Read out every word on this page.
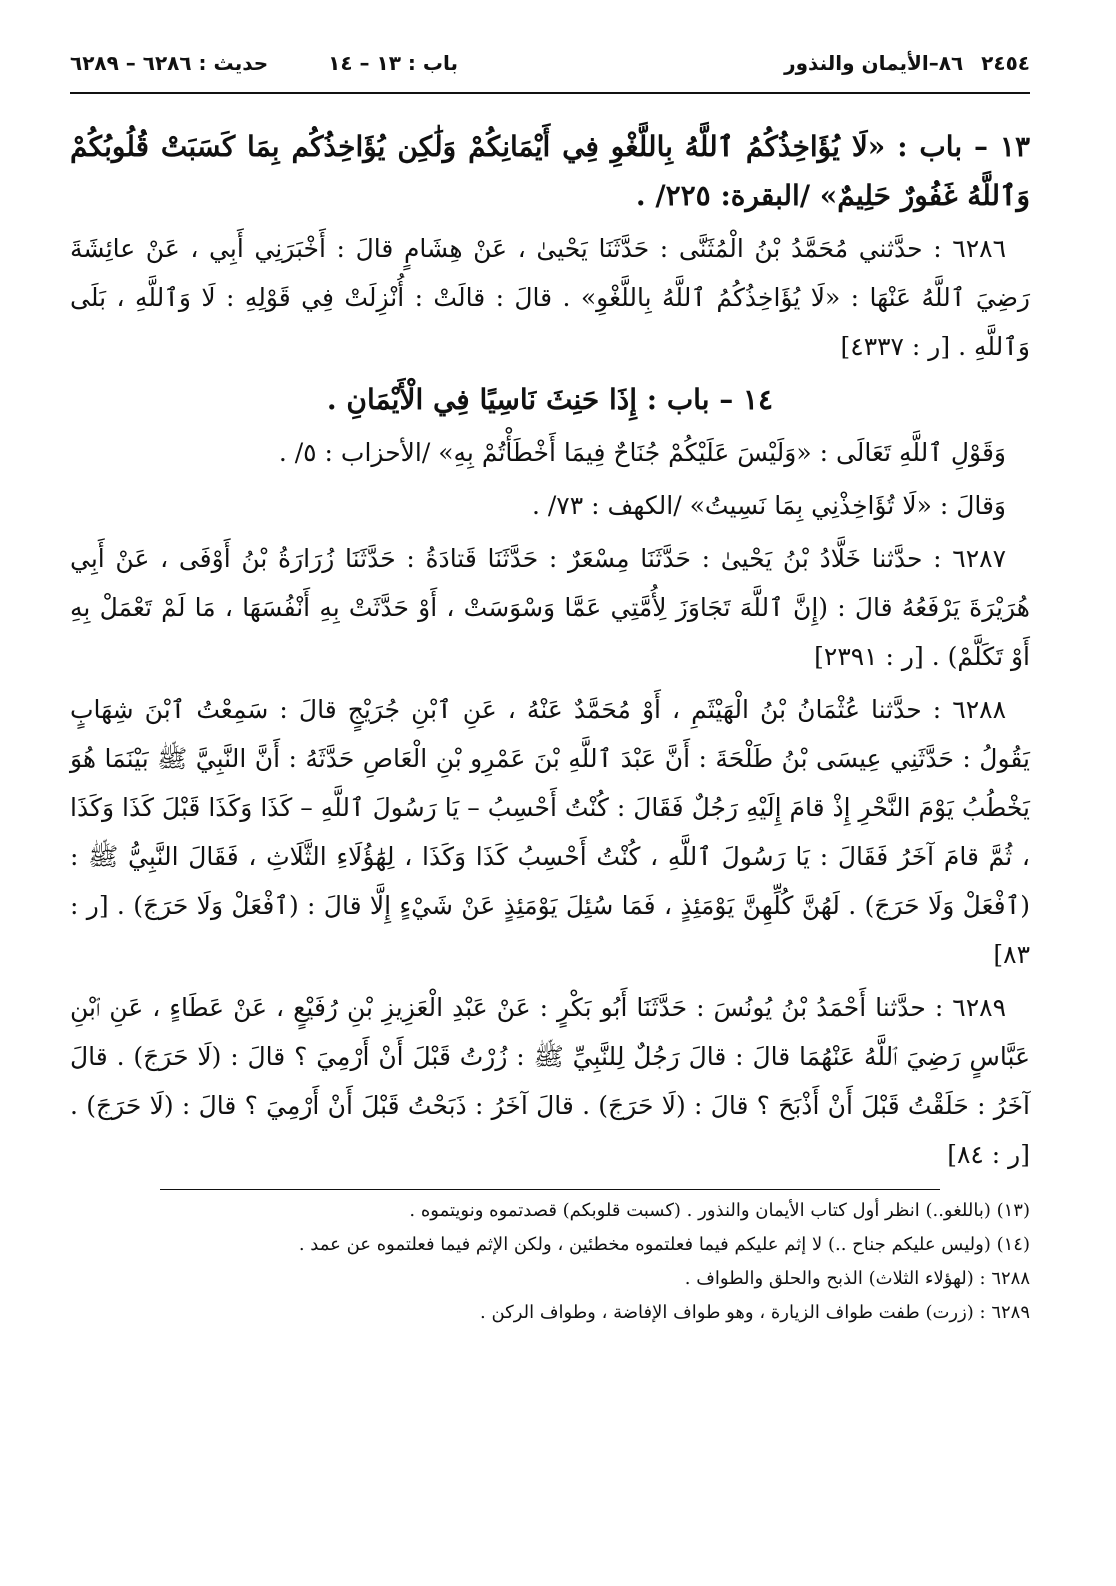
٢٤٥٤
٨٦–الأيمان والنذور
باب : ١٣ – ١٤
حديث : ٦٢٨٦ – ٦٢٨٩

١٣ – باب : «لَا يُؤَاخِذُكُمُ ٱللَّهُ بِاللَّغْوِ فِي أَيْمَانِكُمْ وَلَٰكِن يُؤَاخِذُكُم بِمَا كَسَبَتْ قُلُوبُكُمْ وَٱللَّهُ غَفُورٌ حَلِيمٌ» /البقرة: ٢٢٥/ .

٦٢٨٦ : حدَّثني مُحَمَّدُ بْنُ الْمُثَنَّى : حَدَّثَنَا يَحْيىٰ ، عَنْ هِشَامٍ قالَ : أَخْبَرَنِي أَبِي ، عَنْ عائِشَةَ رَضِيَ ٱللَّهُ عَنْهَا : «لَا يُؤَاخِذُكُمُ ٱللَّهُ بِاللَّغْوِ» . قالَ : قالَتْ : أُنْزِلَتْ فِي قَوْلِهِ : لَا وَٱللَّهِ ، بَلَى وَٱللَّهِ . [ر : ٤٣٣٧]

١٤ – باب : إِذَا حَنِثَ نَاسِيًا فِي الْأَيْمَانِ .

وَقَوْلِ ٱللَّهِ تَعَالَى : «وَلَيْسَ عَلَيْكُمْ جُنَاحٌ فِيمَا أَخْطَأْتُمْ بِهِ» /الأحزاب : ٥/ .

وَقالَ : «لَا تُؤَاخِذْنِي بِمَا نَسِيتُ» /الكهف : ٧٣/ .

٦٢٨٧ : حدَّثنا خَلَّادُ بْنُ يَحْيىٰ : حَدَّثَنَا مِسْعَرٌ : حَدَّثَنَا قَتادَةُ : حَدَّثَنَا زُرَارَةُ بْنُ أَوْفَى ، عَنْ أَبِي هُرَيْرَةَ يَرْفَعُهُ قالَ : (إِنَّ ٱللَّهَ تَجَاوَزَ لِأُمَّتِي عَمَّا وَسْوَسَتْ ، أَوْ حَدَّثَتْ بِهِ أَنْفُسَهَا ، مَا لَمْ تَعْمَلْ بِهِ أَوْ تَكَلَّمْ) . [ر : ٢٣٩١]

٦٢٨٨ : حدَّثنا عُثْمَانُ بْنُ الْهَيْثَمِ ، أَوْ مُحَمَّدٌ عَنْهُ ، عَنِ ٱبْنِ جُرَيْجٍ قالَ : سَمِعْتُ ٱبْنَ شِهَابٍ يَقُولُ : حَدَّثَنِي عِيسَى بْنُ طَلْحَةَ : أَنَّ عَبْدَ ٱللَّهِ بْنَ عَمْرِو بْنِ الْعَاصِ حَدَّثَهُ : أَنَّ النَّبِيَّ ﷺ بَيْنَمَا هُوَ يَخْطُبُ يَوْمَ النَّحْرِ إِذْ قامَ إِلَيْهِ رَجُلٌ فَقَالَ : كُنْتُ أَحْسِبُ – يَا رَسُولَ ٱللَّهِ – كَذَا وَكَذَا قَبْلَ كَذَا وَكَذَا ، ثُمَّ قامَ آخَرُ فَقَالَ : يَا رَسُولَ ٱللَّهِ ، كُنْتُ أَحْسِبُ كَذَا وَكَذَا ، لِهَٰؤُلَاءِ الثَّلَاثِ ، فَقَالَ النَّبِيُّ ﷺ : (ٱفْعَلْ وَلَا حَرَجَ) . لَهُنَّ كُلِّهِنَّ يَوْمَئِذٍ ، فَمَا سُئِلَ يَوْمَئِذٍ عَنْ شَيْءٍ إِلَّا قالَ : (ٱفْعَلْ وَلَا حَرَجَ) . [ر : ٨٣]

٦٢٨٩ : حدَّثنا أَحْمَدُ بْنُ يُونُسَ : حَدَّثَنَا أَبُو بَكْرٍ : عَنْ عَبْدِ الْعَزِيزِ بْنِ رُفَيْعٍ ، عَنْ عَطَاءٍ ، عَنِ ٱبْنِ عَبَّاسٍ رَضِيَ ٱللَّهُ عَنْهُمَا قالَ : قالَ رَجُلٌ لِلنَّبِيِّ ﷺ : زُرْتُ قَبْلَ أَنْ أَرْمِيَ ؟ قالَ : (لَا حَرَجَ) . قالَ آخَرُ : حَلَقْتُ قَبْلَ أَنْ أَذْبَحَ ؟ قالَ : (لَا حَرَجَ) . قالَ آخَرُ : ذَبَحْتُ قَبْلَ أَنْ أَرْمِيَ ؟ قالَ : (لَا حَرَجَ) . [ر : ٨٤]

(١٣) (باللغو..) انظر أول كتاب الأيمان والنذور . (كسبت قلوبكم) قصدتموه ونويتموه .

(١٤) (وليس عليكم جناح ..) لا إثم عليكم فيما فعلتموه مخطئين ، ولكن الإثم فيما فعلتموه عن عمد .

٦٢٨٨ : (لهؤلاء الثلاث) الذبح والحلق والطواف .

٦٢٨٩ : (زرت) طفت طواف الزيارة ، وهو طواف الإفاضة ، وطواف الركن .
